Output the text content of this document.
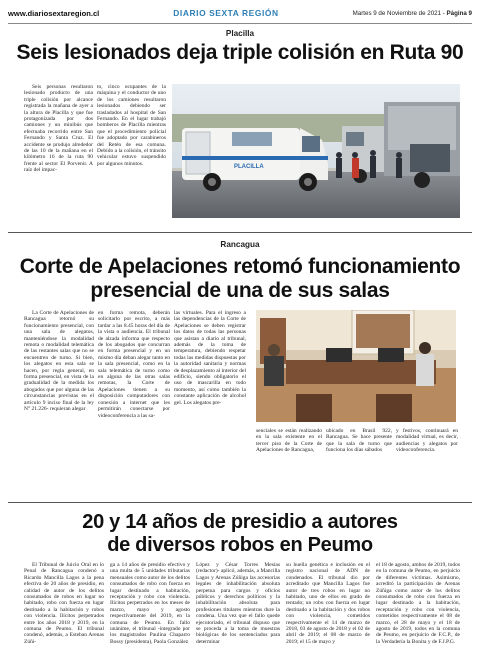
www.diariosextaregion.cl	DIARIO SEXTA REGIÓN	Martes 9 de Noviembre de 2021 - Página 9
Placilla
Seis lesionados deja triple colisión en Ruta 90

Seis personas resultaron lesionado producto de una triple colisión por alcance registrada la mañana de ayer a la altura de Placilla y que fue protagonizada por dos camiones y un minibús que efectuaba recorrido entre San Fernando y Santa Cruz. El accidente se produjo alrededor de las 10 de la mañana en el kilómetro 16 de la ruta 90 frente al sector El Porvenir. A raíz del impac-

to, cinco ocupantes de la máquina y el conductor de uno de los camiones resultaron lesionados debiendo ser trasladados al hospital de San Fernando. En el lugar trabajó bomberos de Placilla mientras que el procedimiento policial fue adoptado por carabineros del Retén de esa comuna. Debido a la colisión, el tránsito vehicular estuvo suspendido por algunos minutos.

PLACILLA
Rancagua
Corte de Apelaciones retomó funcionamiento
presencial de una de sus salas

La Corte de Apelaciones de Rancagua retornó su funcionamiento presencial, con una sala de alegatos, manteniéndose la modalidad remota o modalidad telemática de las restantes salas que no se encuentren de turno. Si bien, los alegatos en esta sala se hacen, por regla general, en forma presencial, en vista de la gradualidad de la medida los abogados que por alguna de las circunstancias previstas en el artículo 9 inciso final de la ley N° 21.226- requieran alegar

en forma remota, deberán solicitarlo por escrito, a más tardar a las 8.45 horas del día de la vista o audiencia. El tribunal de alzada informa que respecto de los abogados que concurran en forma presencial y en un mismo día deban alegar tanto en la sala presencial, como en la sala telemática de turno como en alguna de las otras salas remotas, la Corte de Apelaciones tienen a su disposición computadores con conexión a internet que les permitirán conectarse por videoconferencia a las sa-

las virtuales. Para el ingreso a las dependencias de la Corte de Apelaciones se deben registrar los datos de todas las personas que asistan a diario al tribunal, además de la toma de temperatura, debiendo respetar todas las medidas dispuestas por la autoridad sanitaria y normas de desplazamiento al interior del edificio, siendo obligatorio el uso de mascarilla en todo momento, así como también la constante aplicación de alcohol gel. Los alegatos pre-

senciales se están realizando en la sala existente en el tercer piso de la Corte de Apelaciones de Rancagua,

ubicado en Brasil 922, Rancagua. Se hace presente que la sala de turno que funciona los días sábados

y festivos, continuará en modalidad virtual, es decir, audiencias y alegatos por videoconferencia.

20 y 14 años de presidio a autores
de diversos robos en Peumo

El Tribunal de Juicio Oral en lo Penal de Rancagua condenó a Ricardo Mancilla Lagos a la pena efectiva de 20 años de presidio, en calidad de autor de los delitos consumados de robos en lugar no habitado, robo con fuerza en lugar destinado a la habitación y robos con violencia. Ilícitos perpetrados entre los años 2018 y 2019, en la comuna de Peumo. El tribunal condenó, además, a Esteban Arenas Zúñi-

ga a 14 años de presidio efectivo y una multa de 5 unidades tributarias mensuales como autor de los delitos consumados de robo con fuerza en lugar destinado a habitación, receptación y robo con violencia. Ilícitos perpetrados en los meses de marzo, mayo y agosto respectivamente del 2019, en la comuna de Peumo. En fallo unánime, el tribunal -integrado por los magistrados Paulina Chaparro Bossy (presidenta), Paola González

López y César Torres Mesías (redactor)- aplicó, además, a Mancilla Lagos y Arenas Zúñiga las accesorias legales de inhabilitación absoluta perpetua para cargos y oficios públicos y derechos políticos y la inhabilitación absoluta para profesiones titulares mientras dure la condena. Una vez que el fallo quede ejecutoriado, el tribunal dispuso que se proceda a la toma de muestras biológicas de los sentenciados para determinar

su huella genética e inclusión en el registro nacional de ADN de condenados. El tribunal dio por acreditado que Mancilla Lagos fue autor de tres robos en lugar no habitado, uno de ellos en grado de tentado; un robo con fuerza en lugar destinado a la habitación y dos robos con violencia, cometidos respectivamente el 14 de marzo de 2018, 03 de agosto de 2018 y el 02 de abril de 2019; el 08 de marzo de 2019; el 15 de mayo y

el 18 de agosto, ambos de 2019, todos en la comuna de Peumo, en perjuicio de diferentes víctimas. Asimismo, acreditó la participación de Arenas Zúñiga como autor de los delitos consumados de robo con fuerza en lugar destinado a la habitación, receptación y robo con violencia, cometidos respectivamente el 08 de marzo, el 28 de mayo y el 18 de agosto de 2019, todos en la comuna de Peumo, en perjuicio de F.C.P., de la Verdadería la Bonita y de F.J.P.G.
